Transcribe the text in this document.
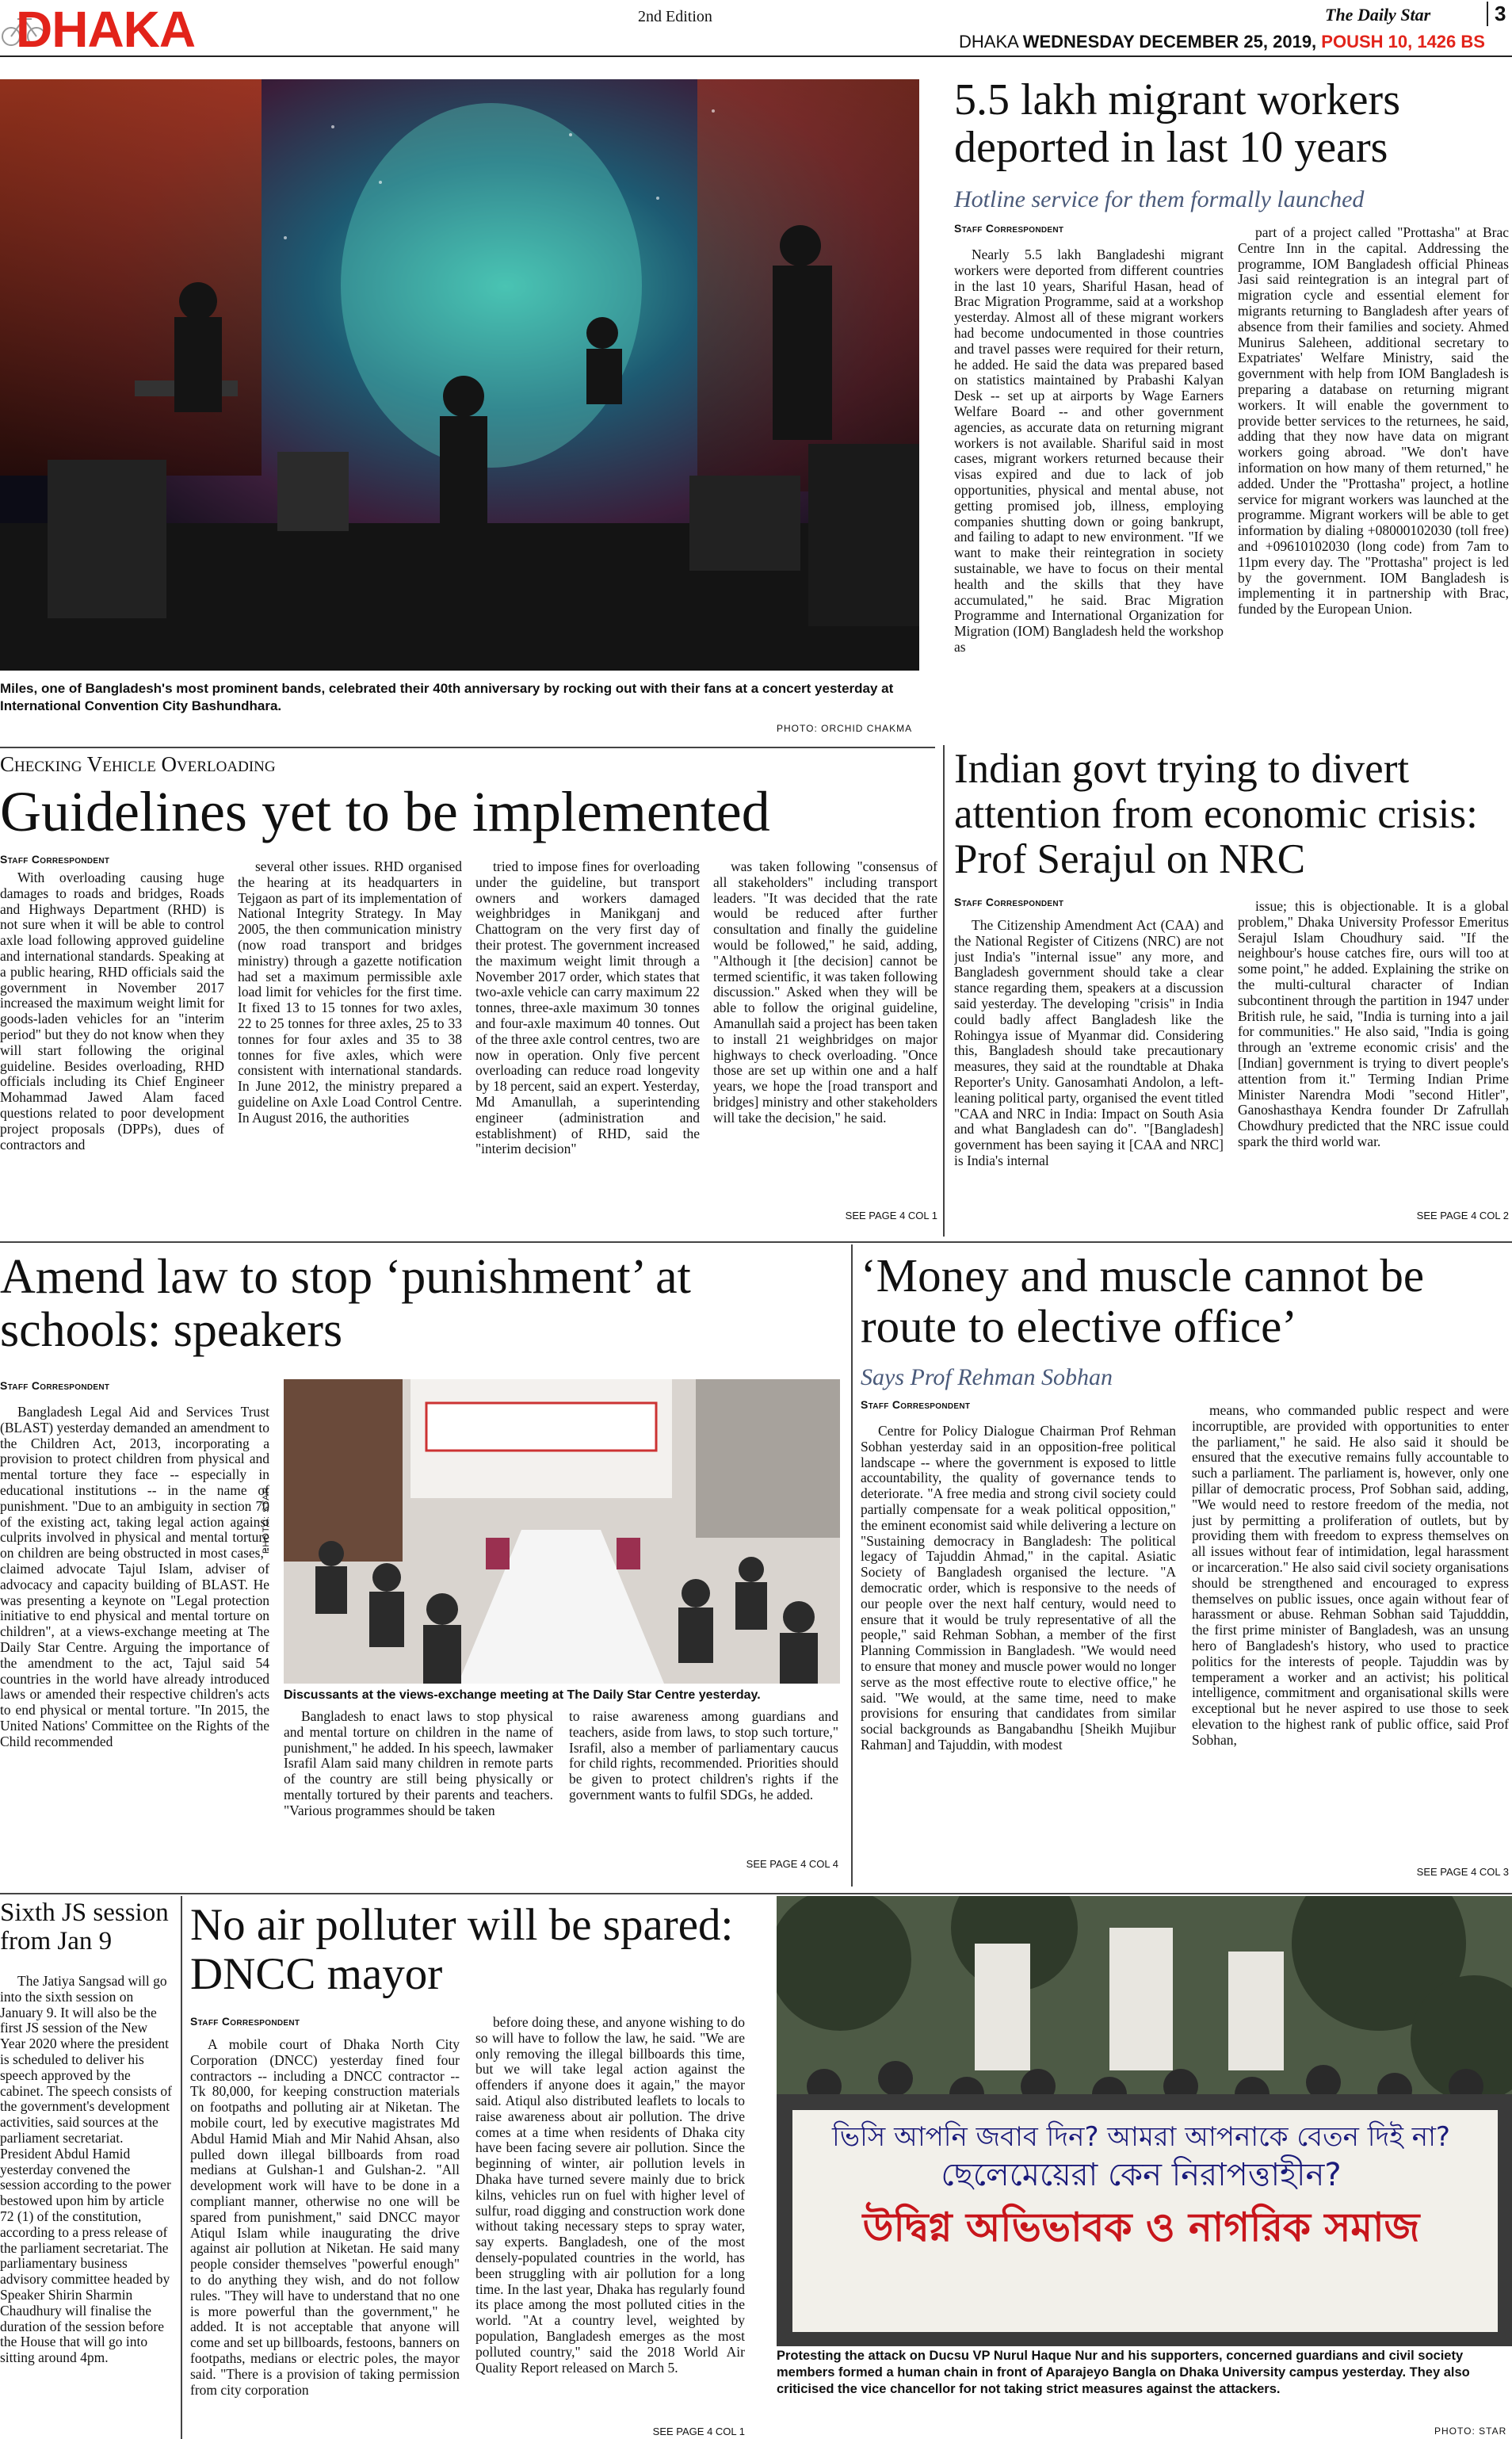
DHAKA	2nd Edition	The Daily Star	3
DHAKA WEDNESDAY DECEMBER 25, 2019, POUSH 10, 1426 BS
Miles, one of Bangladesh's most prominent bands, celebrated their 40th anniversary by rocking out with their fans at a concert yesterday at International Convention City Bashundhara.
PHOTO: ORCHID CHAKMA
5.5 lakh migrant workers deported in last 10 years
Hotline service for them formally launched
Staff Correspondent

Nearly 5.5 lakh Bangladeshi migrant workers were deported from different countries in the last 10 years, Shariful Hasan, head of Brac Migration Programme, said at a workshop yesterday. Almost all of these migrant workers had become undocumented in those countries and travel passes were required for their return, he added. He said the data was prepared based on statistics maintained by Prabashi Kalyan Desk -- set up at airports by Wage Earners Welfare Board -- and other government agencies, as accurate data on returning migrant workers is not available. Shariful said in most cases, migrant workers returned because their visas expired and due to lack of job opportunities, physical and mental abuse, not getting promised job, illness, employing companies shutting down or going bankrupt, and failing to adapt to new environment. "If we want to make their reintegration in society sustainable, we have to focus on their mental health and the skills that they have accumulated," he said. Brac Migration Programme and International Organization for Migration (IOM) Bangladesh held the workshop as

part of a project called "Prottasha" at Brac Centre Inn in the capital. Addressing the programme, IOM Bangladesh official Phineas Jasi said reintegration is an integral part of migration cycle and essential element for migrants returning to Bangladesh after years of absence from their families and society. Ahmed Munirus Saleheen, additional secretary to Expatriates' Welfare Ministry, said the government with help from IOM Bangladesh is preparing a database on returning migrant workers. It will enable the government to provide better services to the returnees, he said, adding that they now have data on migrant workers going abroad. "We don't have information on how many of them returned," he added. Under the "Prottasha" project, a hotline service for migrant workers was launched at the programme. Migrant workers will be able to get information by dialing +08000102030 (toll free) and +09610102030 (long code) from 7am to 11pm every day. The "Prottasha" project is led by the government. IOM Bangladesh is implementing it in partnership with Brac, funded by the European Union.

Checking Vehicle Overloading
Guidelines yet to be implemented
Staff Correspondent

With overloading causing huge damages to roads and bridges, Roads and Highways Department (RHD) is not sure when it will be able to control axle load following approved guideline and international standards. Speaking at a public hearing, RHD officials said the government in November 2017 increased the maximum weight limit for goods-laden vehicles for an "interim period" but they do not know when they will start following the original guideline. Besides overloading, RHD officials including its Chief Engineer Mohammad Jawed Alam faced questions related to poor development project proposals (DPPs), dues of contractors and

several other issues. RHD organised the hearing at its headquarters in Tejgaon as part of its implementation of National Integrity Strategy. In May 2005, the then communication ministry (now road transport and bridges ministry) through a gazette notification had set a maximum permissible axle load limit for vehicles for the first time. It fixed 13 to 15 tonnes for two axles, 22 to 25 tonnes for three axles, 25 to 33 tonnes for four axles and 35 to 38 tonnes for five axles, which were consistent with international standards. In June 2012, the ministry prepared a guideline on Axle Load Control Centre. In August 2016, the authorities

tried to impose fines for overloading under the guideline, but transport owners and workers damaged weighbridges in Manikganj and Chattogram on the very first day of their protest. The government increased the maximum weight limit through a November 2017 order, which states that two-axle vehicle can carry maximum 22 tonnes, three-axle maximum 30 tonnes and four-axle maximum 40 tonnes. Out of the three axle control centres, two are now in operation. Only five percent overloading can reduce road longevity by 18 percent, said an expert. Yesterday, Md Amanullah, a superintending engineer (administration and establishment) of RHD, said the "interim decision"

was taken following "consensus of all stakeholders" including transport leaders. "It was decided that the rate would be reduced after further consultation and finally the guideline would be followed," he said, adding, "Although it [the decision] cannot be termed scientific, it was taken following discussion." Asked when they will be able to follow the original guideline, Amanullah said a project has been taken to install 21 weighbridges on major highways to check overloading. "Once those are set up within one and a half years, we hope the [road transport and bridges] ministry and other stakeholders will take the decision," he said.

SEE PAGE 4 COL 1
Indian govt trying to divert attention from economic crisis: Prof Serajul on NRC
Staff Correspondent

The Citizenship Amendment Act (CAA) and the National Register of Citizens (NRC) are not just India's "internal issue" any more, and Bangladesh government should take a clear stance regarding them, speakers at a discussion said yesterday. The developing "crisis" in India could badly affect Bangladesh like the Rohingya issue of Myanmar did. Considering this, Bangladesh should take precautionary measures, they said at the roundtable at Dhaka Reporter's Unity. Ganosamhati Andolon, a left-leaning political party, organised the event titled "CAA and NRC in India: Impact on South Asia and what Bangladesh can do". "[Bangladesh] government has been saying it [CAA and NRC] is India's internal

issue; this is objectionable. It is a global problem," Dhaka University Professor Emeritus Serajul Islam Choudhury said. "If the neighbour's house catches fire, ours will too at some point," he added. Explaining the strike on the multi-cultural character of Indian subcontinent through the partition in 1947 under British rule, he said, "India is turning into a jail for communities." He also said, "India is going through an 'extreme economic crisis' and the [Indian] government is trying to divert people's attention from it." Terming Indian Prime Minister Narendra Modi "second Hitler", Ganoshasthaya Kendra founder Dr Zafrullah Chowdhury predicted that the NRC issue could spark the third world war.

SEE PAGE 4 COL 2
Amend law to stop ‘punishment’ at schools: speakers
Staff Correspondent

Bangladesh Legal Aid and Services Trust (BLAST) yesterday demanded an amendment to the Children Act, 2013, incorporating a provision to protect children from physical and mental torture they face -- especially in educational institutions -- in the name of punishment. "Due to an ambiguity in section 70 of the existing act, taking legal action against culprits involved in physical and mental torture on children are being obstructed in most cases," claimed advocate Tajul Islam, adviser of advocacy and capacity building of BLAST. He was presenting a keynote on "Legal protection initiative to end physical and mental torture on children", at a views-exchange meeting at The Daily Star Centre. Arguing the importance of the amendment to the act, Tajul said 54 countries in the world have already introduced laws or amended their respective children's acts to end physical or mental torture. "In 2015, the United Nations' Committee on the Rights of the Child recommended

PHOTO: STAR
Discussants at the views-exchange meeting at The Daily Star Centre yesterday.

Bangladesh to enact laws to stop physical and mental torture on children in the name of punishment," he added. In his speech, lawmaker Israfil Alam said many children in remote parts of the country are still being physically or mentally tortured by their parents and teachers. "Various programmes should be taken

to raise awareness among guardians and teachers, aside from laws, to stop such torture," Israfil, also a member of parliamentary caucus for child rights, recommended. Priorities should be given to protect children's rights if the government wants to fulfil SDGs, he added.

SEE PAGE 4 COL 4
‘Money and muscle cannot be route to elective office’
Says Prof Rehman Sobhan
Staff Correspondent

Centre for Policy Dialogue Chairman Prof Rehman Sobhan yesterday said in an opposition-free political landscape -- where the government is exposed to little accountability, the quality of governance tends to deteriorate. "A free media and strong civil society could partially compensate for a weak political opposition," the eminent economist said while delivering a lecture on "Sustaining democracy in Bangladesh: The political legacy of Tajuddin Ahmad," in the capital. Asiatic Society of Bangladesh organised the lecture. "A democratic order, which is responsive to the needs of our people over the next half century, would need to ensure that it would be truly representative of all the people," said Rehman Sobhan, a member of the first Planning Commission in Bangladesh. "We would need to ensure that money and muscle power would no longer serve as the most effective route to elective office," he said. "We would, at the same time, need to make provisions for ensuring that candidates from similar social backgrounds as Bangabandhu [Sheikh Mujibur Rahman] and Tajuddin, with modest

means, who commanded public respect and were incorruptible, are provided with opportunities to enter the parliament," he said. He also said it should be ensured that the executive remains fully accountable to such a parliament. The parliament is, however, only one pillar of democratic process, Prof Sobhan said, adding, "We would need to restore freedom of the media, not just by permitting a proliferation of outlets, but by providing them with freedom to express themselves on all issues without fear of intimidation, legal harassment or incarceration." He also said civil society organisations should be strengthened and encouraged to express themselves on public issues, once again without fear of harassment or abuse. Rehman Sobhan said Tajudddin, the first prime minister of Bangladesh, was an unsung hero of Bangladesh's history, who used to practice politics for the interests of people. Tajuddin was by temperament a worker and an activist; his political intelligence, commitment and organisational skills were exceptional but he never aspired to use those to seek elevation to the highest rank of public office, said Prof Sobhan,

SEE PAGE 4 COL 3
Sixth JS session from Jan 9

The Jatiya Sangsad will go into the sixth session on January 9. It will also be the first JS session of the New Year 2020 where the president is scheduled to deliver his speech approved by the cabinet. The speech consists of the government's development activities, said sources at the parliament secretariat. President Abdul Hamid yesterday convened the session according to the power bestowed upon him by article 72 (1) of the constitution, according to a press release of the parliament secretariat. The parliamentary business advisory committee headed by Speaker Shirin Sharmin Chaudhury will finalise the duration of the session before the House that will go into sitting around 4pm.

No air polluter will be spared: DNCC mayor
Staff Correspondent

A mobile court of Dhaka North City Corporation (DNCC) yesterday fined four contractors -- including a DNCC contractor -- Tk 80,000, for keeping construction materials on footpaths and polluting air at Niketan. The mobile court, led by executive magistrates Md Abdul Hamid Miah and Mir Nahid Ahsan, also pulled down illegal billboards from road medians at Gulshan-1 and Gulshan-2. "All development work will have to be done in a compliant manner, otherwise no one will be spared from punishment," said DNCC mayor Atiqul Islam while inaugurating the drive against air pollution at Niketan. He said many people consider themselves "powerful enough" to do anything they wish, and do not follow rules. "They will have to understand that no one is more powerful than the government," he added. It is not acceptable that anyone will come and set up billboards, festoons, banners on footpaths, medians or electric poles, the mayor said. "There is a provision of taking permission from city corporation

before doing these, and anyone wishing to do so will have to follow the law, he said. "We are only removing the illegal billboards this time, but we will take legal action against the offenders if anyone does it again," the mayor said. Atiqul also distributed leaflets to locals to raise awareness about air pollution. The drive comes at a time when residents of Dhaka city have been facing severe air pollution. Since the beginning of winter, air pollution levels in Dhaka have turned severe mainly due to brick kilns, vehicles run on fuel with higher level of sulfur, road digging and construction work done without taking necessary steps to spray water, say experts. Bangladesh, one of the most densely-populated countries in the world, has been struggling with air pollution for a long time. In the last year, Dhaka has regularly found its place among the most polluted cities in the world. "At a country level, weighted by population, Bangladesh emerges as the most polluted country," said the 2018 World Air Quality Report released on March 5.

SEE PAGE 4 COL 1
ভিসি আপনি জবাব দিন? আমরা আপনাকে বেতন দিই না?
ছেলেমেয়েরা কেন নিরাপত্তাহীন?
উদ্বিগ্ন অভিভাবক ও নাগরিক সমাজ
Protesting the attack on Ducsu VP Nurul Haque Nur and his supporters, concerned guardians and civil society members formed a human chain in front of Aparajeyo Bangla on Dhaka University campus yesterday. They also criticised the vice chancellor for not taking strict measures against the attackers.
PHOTO: STAR
